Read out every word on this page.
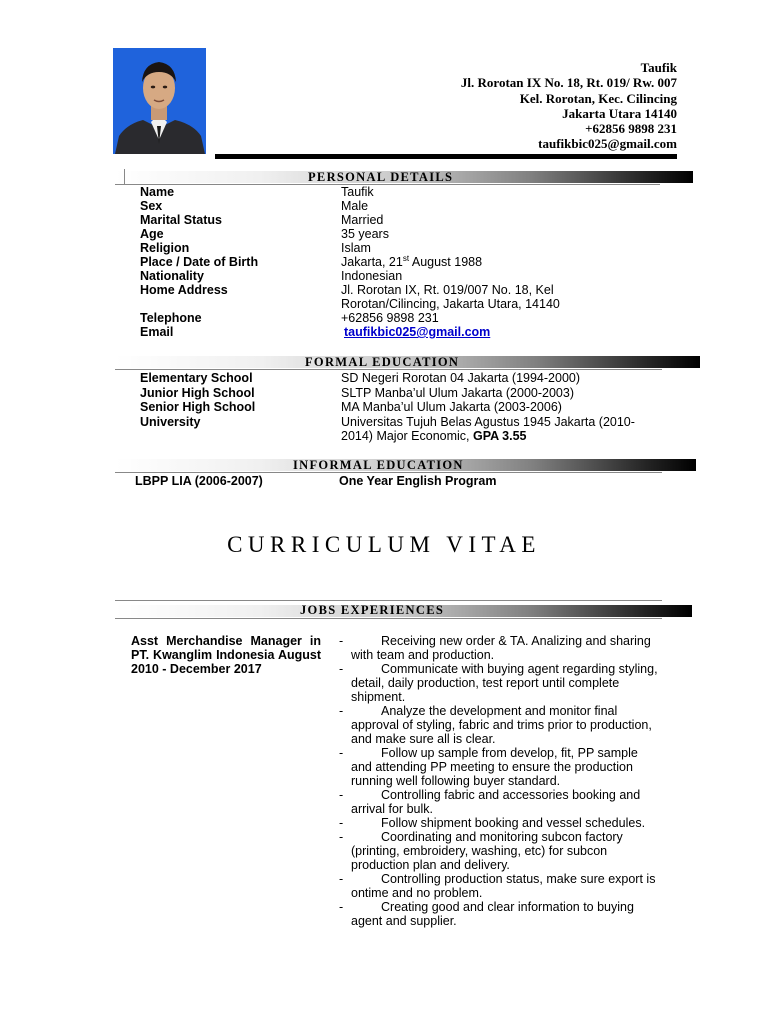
Taufik
Jl. Rorotan IX No. 18, Rt. 019/ Rw. 007
Kel. Rorotan, Kec. Cilincing
Jakarta Utara 14140
+62856 9898 231
taufikbic025@gmail.com
PERSONAL DETAILS
Name	Taufik
Sex	Male
Marital Status	Married
Age	35 years
Religion	Islam
Place / Date of Birth	Jakarta, 21st August 1988
Nationality	Indonesian
Home Address	Jl. Rorotan IX, Rt. 019/007 No. 18, Kel
Rorotan/Cilincing, Jakarta Utara, 14140
Telephone	+62856 9898 231
Email	taufikbic025@gmail.com
FORMAL EDUCATION
Elementary School	SD Negeri Rorotan 04 Jakarta (1994-2000)
Junior High School	SLTP Manba’ul Ulum Jakarta (2000-2003)
Senior High School	MA Manba’ul Ulum Jakarta (2003-2006)
University	Universitas Tujuh Belas Agustus 1945 Jakarta (2010-
2014) Major Economic, GPA 3.55
INFORMAL EDUCATION
LBPP LIA (2006-2007)	One Year English Program
CURRICULUM VITAE
JOBS EXPERIENCES
Asst Merchandise Manager in PT. Kwanglim Indonesia August 2010 - December 2017
-	Receiving new order & TA. Analizing and sharing with team and production.
-	Communicate with buying agent regarding styling, detail, daily production, test report until complete shipment.
-	Analyze the development and monitor final approval of styling, fabric and trims prior to production, and make sure all is clear.
-	Follow up sample from develop, fit, PP sample and attending PP meeting to ensure the production running well following buyer standard.
-	Controlling fabric and accessories booking and arrival for bulk.
-	Follow shipment booking and vessel schedules.
-	Coordinating and monitoring subcon factory (printing, embroidery, washing, etc) for subcon production plan and delivery.
-	Controlling production status, make sure export is ontime and no problem.
-	Creating good and clear information to buying agent and supplier.
